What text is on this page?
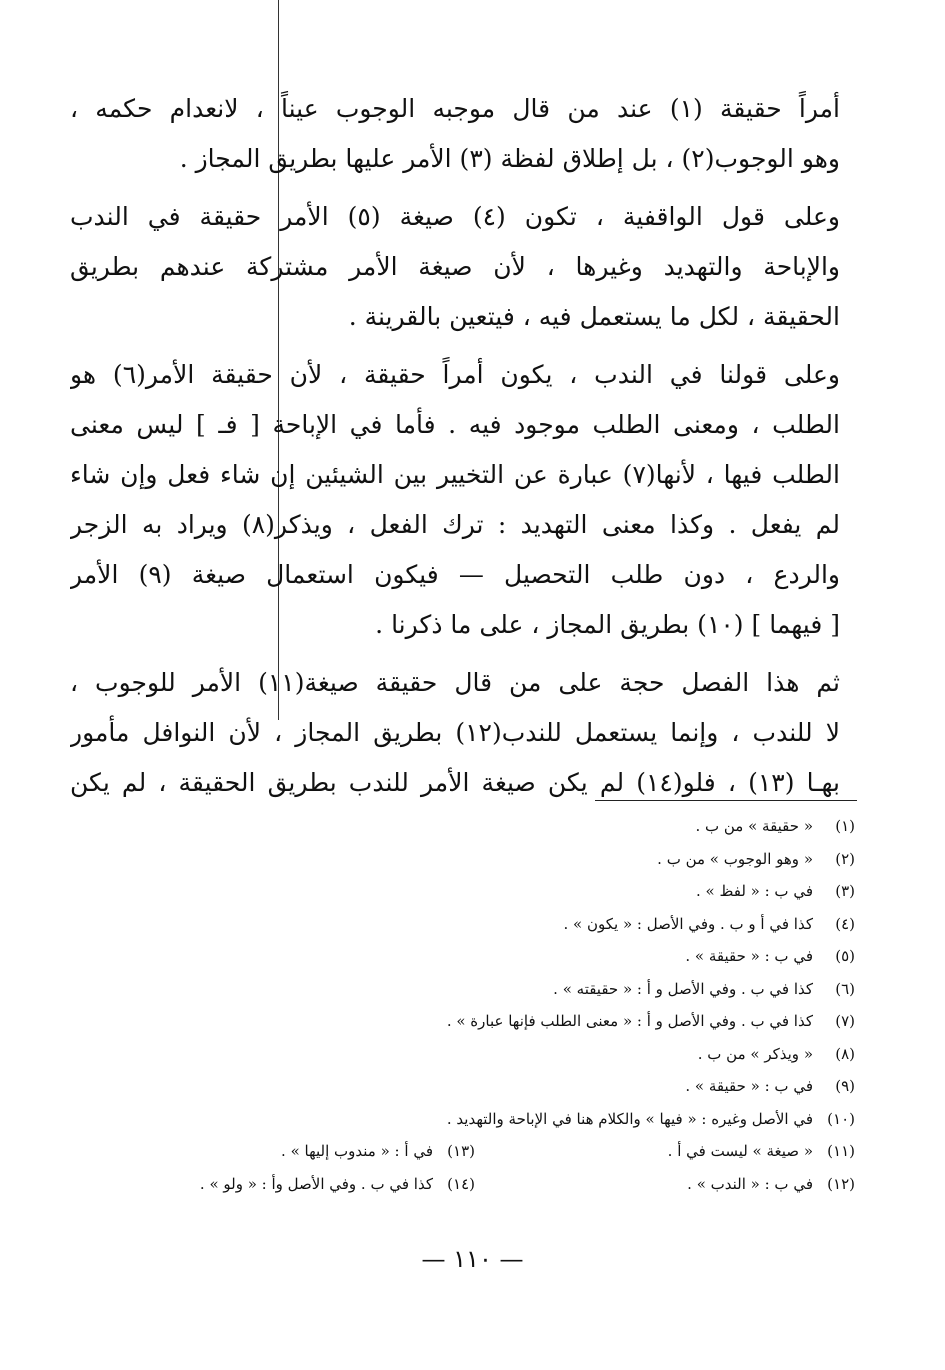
أمراً حقيقة (١) عند من قال موجبه الوجوب عيناً ، لانعدام حكمه ،
وهو الوجوب(٢) ، بل إطلاق لفظة (٣) الأمر عليها بطريق المجاز .
وعلى قول الواقفية ، تكون (٤) صيغة (٥) الأمر حقيقة في الندب
والإباحة والتهديد وغيرها ، لأن صيغة الأمر مشتركة عندهم بطريق
الحقيقة ، لكل ما يستعمل فيه ، فيتعين بالقرينة .
وعلى قولنا في الندب ، يكون أمراً حقيقة ، لأن حقيقة الأمر(٦) هو
الطلب ، ومعنى الطلب موجود فيه . فأما في الإباحة [ فـ ] ليس معنى
الطلب فيها ، لأنها(٧) عبارة عن التخيير بين الشيئين إن شاء فعل وإن شاء
لم يفعل . وكذا معنى التهديد : ترك الفعل ، ويذكر(٨) ويراد به الزجر
والردع ، دون طلب التحصيل — فيكون استعمال صيغة (٩) الأمر
[ فيهما ] (١٠) بطريق المجاز ، على ما ذكرنا .
ثم هذا الفصل حجة على من قال حقيقة صيغة(١١) الأمر للوجوب ،
لا للندب ، وإنما يستعمل للندب(١٢) بطريق المجاز ، لأن النوافل مأمور
بهـا (١٣) ، فلو(١٤) لم يكن صيغة الأمر للندب بطريق الحقيقة ، لم يكن
(١)« حقيقة » من ب .
(٢)« وهو الوجوب » من ب .
(٣)في ب : « لفظ » .
(٤)كذا في أ و ب . وفي الأصل : « يكون » .
(٥)في ب : « حقيقة » .
(٦)كذا في ب . وفي الأصل و أ : « حقيقته » .
(٧)كذا في ب . وفي الأصل و أ : « معنى الطلب فإنها عبارة » .
(٨)« ويذكر » من ب .
(٩)في ب : « حقيقة » .
(١٠)في الأصل وغيره : « فيها » والكلام هنا في الإباحة والتهديد .
(١١)« صيغة » ليست في أ .
(١٣)في أ : « مندوب إليها » .
(١٢)في ب : « الندب » .
(١٤)كذا في ب . وفي الأصل وأ : « ولو » .
— ١١٠ —
